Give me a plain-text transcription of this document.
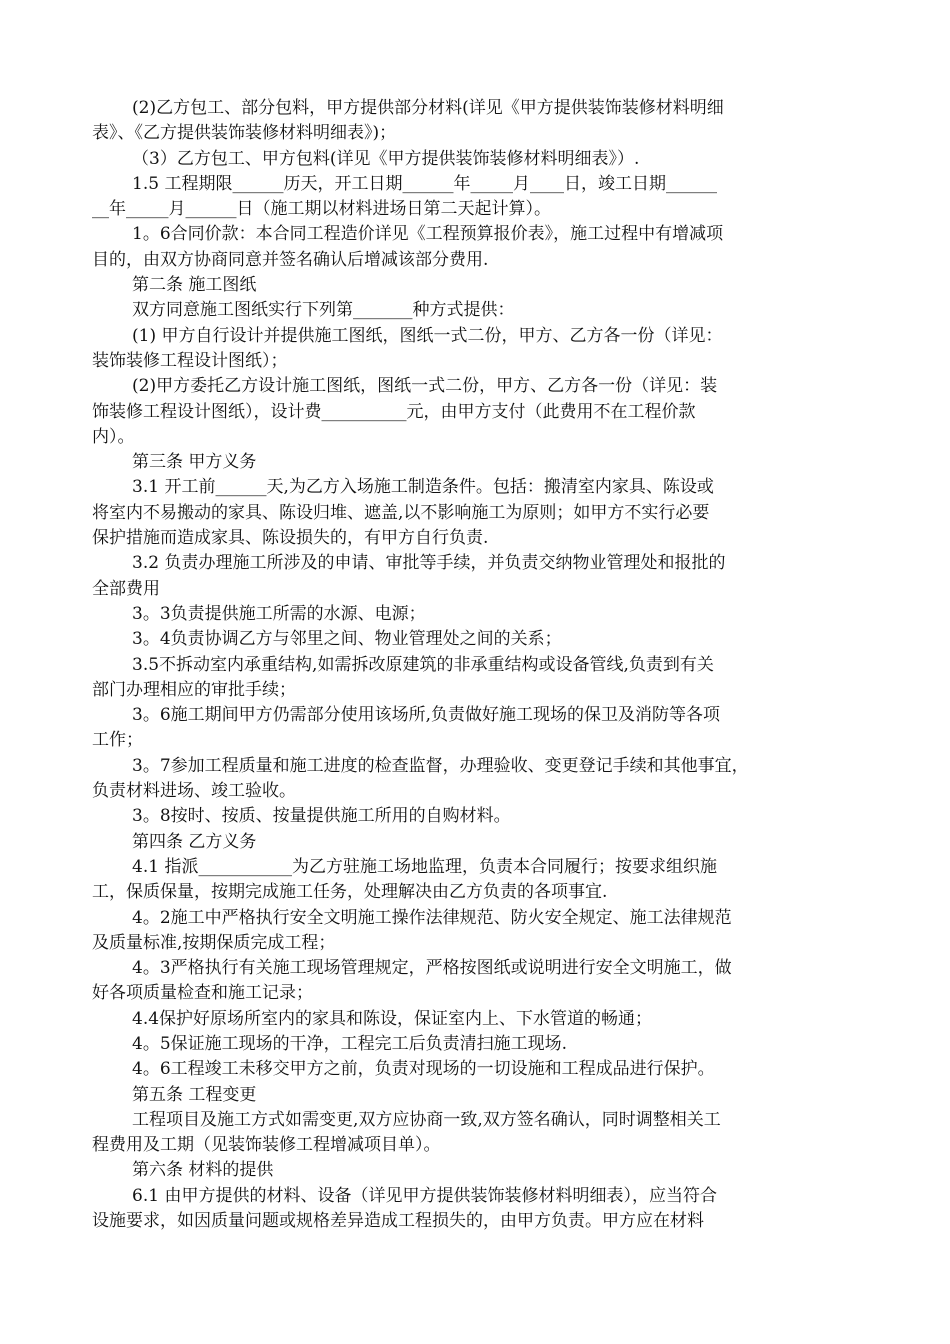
(2)乙方包工、部分包料，甲方提供部分材料(详见《甲方提供装饰装修材料明细
表》、《乙方提供装饰装修材料明细表》)；
（3）乙方包工、甲方包料(详见《甲方提供装饰装修材料明细表》）.
1.5 工程期限______历天，开工日期______年_____月____日，竣工日期______
__年_____月______日（施工期以材料进场日第二天起计算）。
1。6合同价款：本合同工程造价详见《工程预算报价表》，施工过程中有增减项
目的，由双方协商同意并签名确认后增减该部分费用.
第二条 施工图纸
双方同意施工图纸实行下列第_______种方式提供：
(1) 甲方自行设计并提供施工图纸，图纸一式二份，甲方、乙方各一份（详见：
装饰装修工程设计图纸）；
(2)甲方委托乙方设计施工图纸，图纸一式二份，甲方、乙方各一份（详见：装
饰装修工程设计图纸），设计费__________元，由甲方支付（此费用不在工程价款
内）。
第三条 甲方义务
3.1 开工前______天,为乙方入场施工制造条件。包括：搬清室内家具、陈设或
将室内不易搬动的家具、陈设归堆、遮盖,以不影响施工为原则；如甲方不实行必要
保护措施而造成家具、陈设损失的，有甲方自行负责.
3.2 负责办理施工所涉及的申请、审批等手续，并负责交纳物业管理处和报批的
全部费用
3。3负责提供施工所需的水源、电源；
3。4负责协调乙方与邻里之间、物业管理处之间的关系；
3.5不拆动室内承重结构,如需拆改原建筑的非承重结构或设备管线,负责到有关
部门办理相应的审批手续；
3。6施工期间甲方仍需部分使用该场所,负责做好施工现场的保卫及消防等各项
工作；
3。7参加工程质量和施工进度的检查监督，办理验收、变更登记手续和其他事宜，
负责材料进场、竣工验收。
3。8按时、按质、按量提供施工所用的自购材料。
第四条 乙方义务
4.1 指派___________为乙方驻施工场地监理，负责本合同履行；按要求组织施
工，保质保量，按期完成施工任务，处理解决由乙方负责的各项事宜.
4。2施工中严格执行安全文明施工操作法律规范、防火安全规定、施工法律规范
及质量标准,按期保质完成工程；
4。3严格执行有关施工现场管理规定，严格按图纸或说明进行安全文明施工，做
好各项质量检查和施工记录；
4.4保护好原场所室内的家具和陈设，保证室内上、下水管道的畅通；
4。5保证施工现场的干净，工程完工后负责清扫施工现场.
4。6工程竣工未移交甲方之前，负责对现场的一切设施和工程成品进行保护。
第五条 工程变更
工程项目及施工方式如需变更,双方应协商一致,双方签名确认，同时调整相关工
程费用及工期（见装饰装修工程增减项目单）。
第六条 材料的提供
6.1 由甲方提供的材料、设备（详见甲方提供装饰装修材料明细表），应当符合
设施要求，如因质量问题或规格差异造成工程损失的，由甲方负责。甲方应在材料
